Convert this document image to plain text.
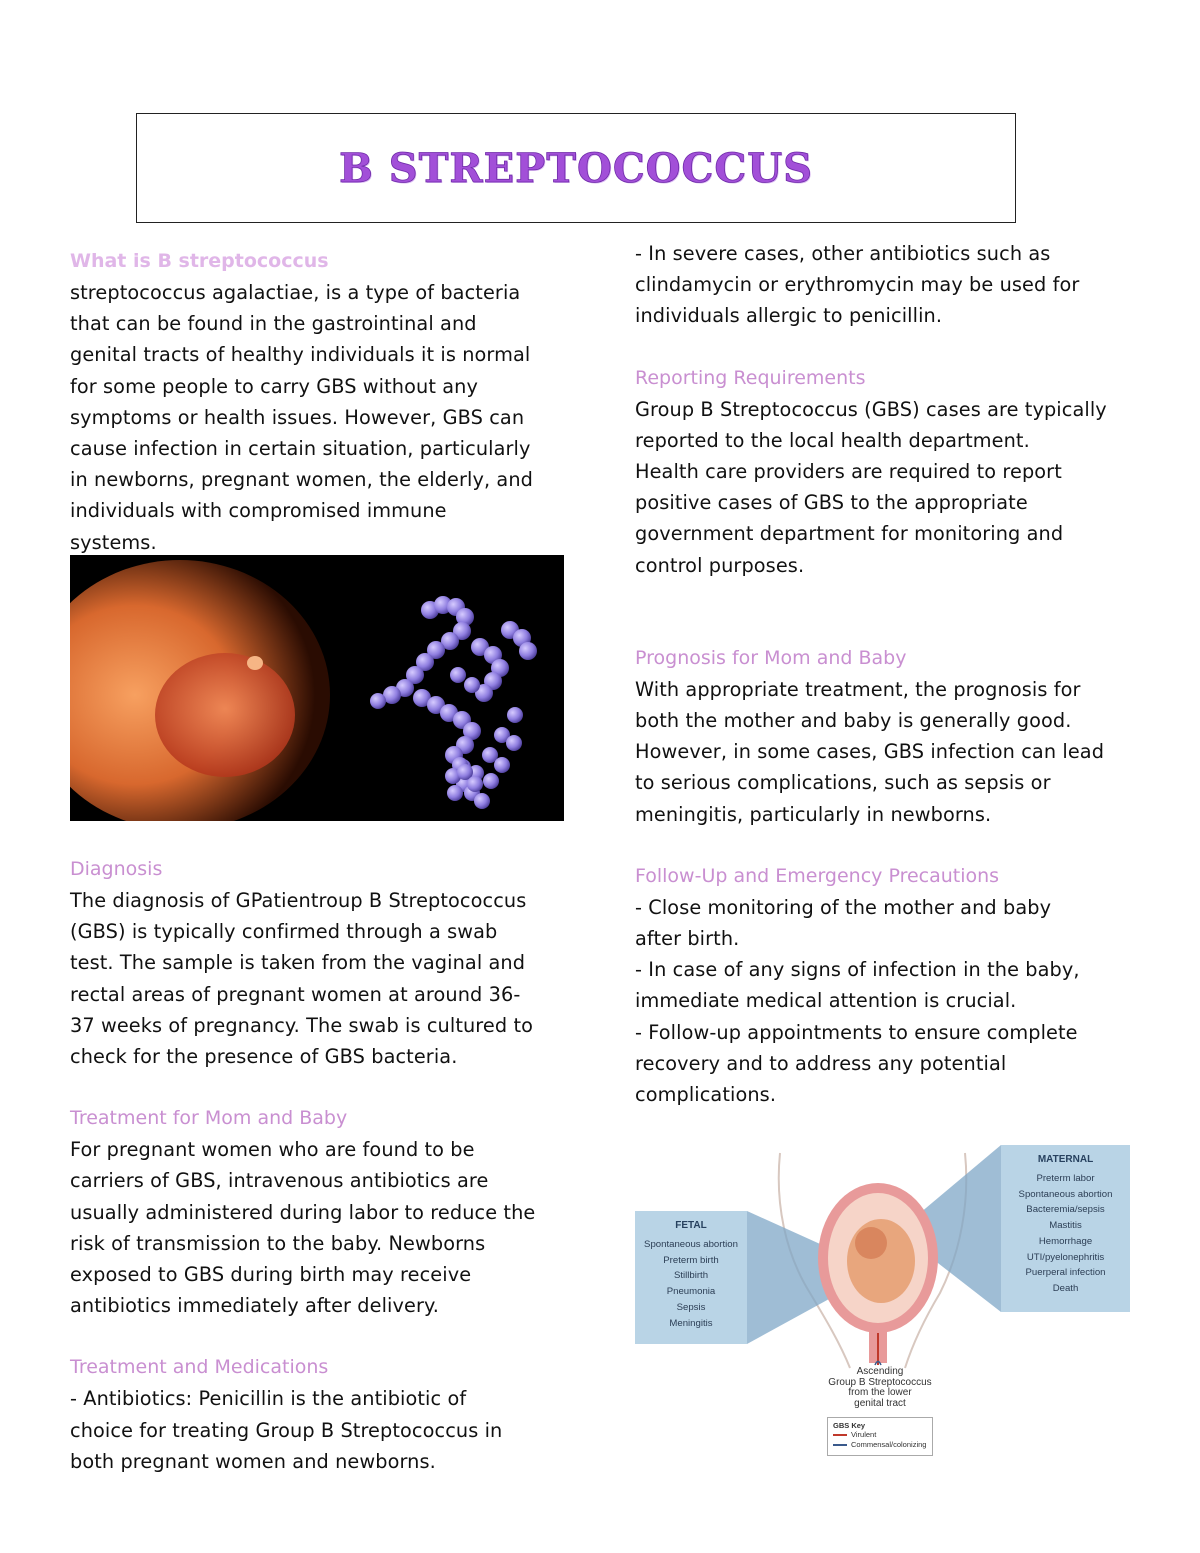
B STREPTOCOCCUS

What is B streptococcus

streptococcus agalactiae, is a type of bacteria
that can be found in the gastrointinal and
genital tracts of healthy individuals it is normal
for some people to carry GBS without any
symptoms or health issues. However, GBS can
cause infection in certain situation, particularly
in newborns, pregnant women, the elderly, and
individuals with compromised immune
systems.

Diagnosis

The diagnosis of GPatientroup B Streptococcus
(GBS) is typically confirmed through a swab
test. The sample is taken from the vaginal and
rectal areas of pregnant women at around 36-
37 weeks of pregnancy. The swab is cultured to
check for the presence of GBS bacteria.

Treatment for Mom and Baby

For pregnant women who are found to be
carriers of GBS, intravenous antibiotics are
usually administered during labor to reduce the
risk of transmission to the baby. Newborns
exposed to GBS during birth may receive
antibiotics immediately after delivery.

Treatment and Medications

- Antibiotics: Penicillin is the antibiotic of
choice for treating Group B Streptococcus in
both pregnant women and newborns.

- In severe cases, other antibiotics such as
clindamycin or erythromycin may be used for
individuals allergic to penicillin.

Reporting Requirements

Group B Streptococcus (GBS) cases are typically
reported to the local health department.
Health care providers are required to report
positive cases of GBS to the appropriate
government department for monitoring and
control purposes.

Prognosis for Mom and Baby

With appropriate treatment, the prognosis for
both the mother and baby is generally good.
However, in some cases, GBS infection can lead
to serious complications, such as sepsis or
meningitis, particularly in newborns.

Follow-Up and Emergency Precautions

- Close monitoring of the mother and baby
after birth.
- In case of any signs of infection in the baby,
immediate medical attention is crucial.
- Follow-up appointments to ensure complete
recovery and to address any potential
complications.

FETAL
Spontaneous abortion
Preterm birth
Stillbirth
Pneumonia
Sepsis
Meningitis
MATERNAL
Preterm labor
Spontaneous abortion
Bacteremia/sepsis
Mastitis
Hemorrhage
UTI/pyelonephritis
Puerperal infection
Death
Ascending
Group B Streptococcus
from the lower
genital tract
GBS Key
Virulent
Commensal/colonizing
